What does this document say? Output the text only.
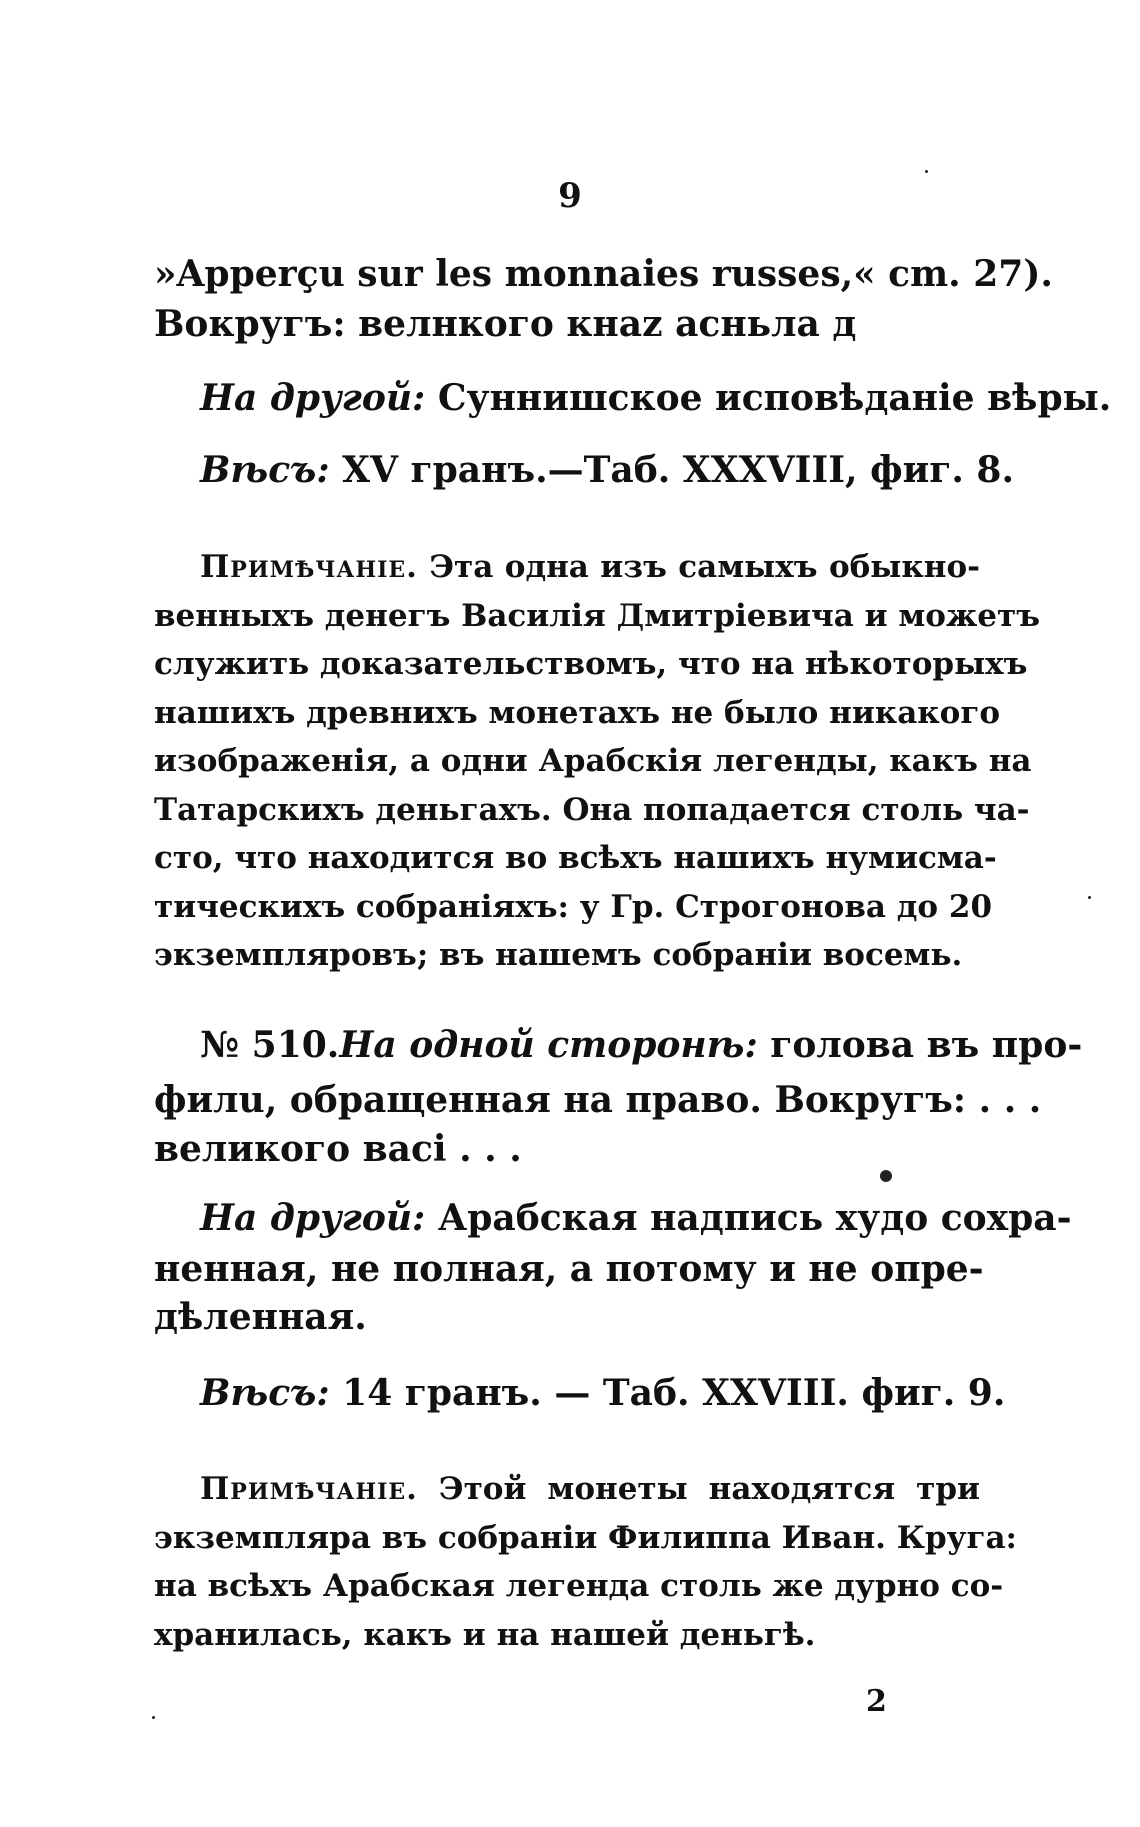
9
»Apperçu sur les monnaies russes,« cm. 27).
Вокругъ: велнкого кнаz асньлa д
На другой: Суннишское исповѣданіе вѣры.
Вѣсъ: XV гранъ.—Таб. XXXVIII, фиг. 8.
Примѣчаніе. Эта одна изъ самыхъ обыкно-
венныхъ денегъ Василія Дмитріевича и можетъ
служить доказательствомъ, что на нѣкоторыхъ
нашихъ древнихъ монетахъ не было никакого
изображенія, а одни Арабскія легенды, какъ на
Татарскихъ деньгахъ. Она попадается столь ча-
сто, что находится во всѣхъ нашихъ нумисма-
тическихъ собраніяхъ: у Гр. Строгонова до 20
экземпляровъ; въ нашемъ собраніи восемь.
№ 510.На одной сторонѣ: голова въ про-
филu, обращенная на право. Вокругъ: . . .
великого васi . . .
На другой: Арабская надпись худо сохра-
ненная, не полная, а потому и не опре-
дѣленная.
Вѣсъ: 14 гранъ. — Таб. XXVIII. фиг. 9.
Примѣчаніе. Этой монеты находятся три
экземпляра въ собраніи Филиппа Иван. Круга:
на всѣхъ Арабская легенда столь же дурно со-
хранилась, какъ и на нашей деньгѣ.
2
